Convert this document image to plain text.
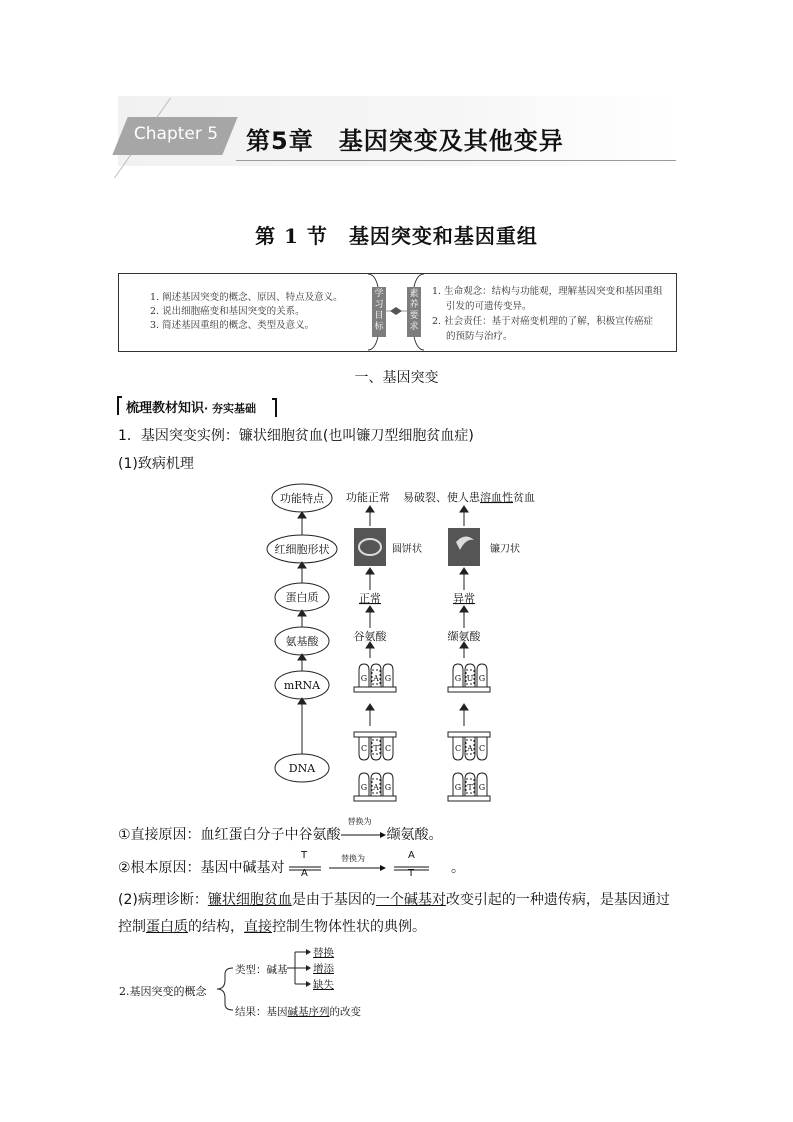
Chapter 5	第5章　基因突变及其他变异
第 1 节　基因突变和基因重组
1. 阐述基因突变的概念、原因、特点及意义。
2. 说出细胞癌变和基因突变的关系。
3. 简述基因重组的概念、类型及意义。
学习目标
素养要求
1. 生命观念：结构与功能观，理解基因突变和基因重组
引发的可遗传变异。
2. 社会责任：基于对癌变机理的了解，积极宣传癌症
的预防与治疗。
一、基因突变
梳理教材知识· 夯实基础
1．基因突变实例：镰状细胞贫血(也叫镰刀型细胞贫血症)
(1)致病机理
功能特点
红细胞形状
蛋白质
氨基酸
mRNA
DNA
功能正常 易破裂、使人患溶血性贫血
圆饼状	镰刀状
正常	异常
谷氨酸	缬氨酸
G A G	G U G
C T C
G A G
C A C
G T G
①直接原因：血红蛋白分子中谷氨酸
替换为
缬氨酸。
②根本原因：基因中碱基对
T
A
替换为	A
T	。
(2)病理诊断：镰状细胞贫血是由于基因的一个碱基对改变引起的一种遗传病，是基因通过控制蛋白质的结构，直接控制生物体性状的典例。
2.基因突变的概念
类型：碱基
替换
增添
缺失
结果：基因碱基序列的改变
